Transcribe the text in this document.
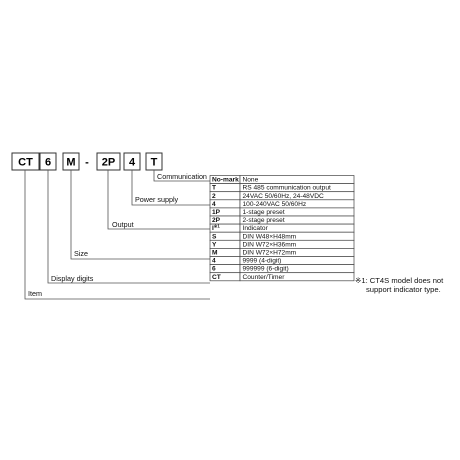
CT 6 M - 2P 4 T
Communication
Power supply
Output
Size
Display digits
Item
No-mark None
T	RS 485 communication output
2	24VAC 50/60Hz, 24-48VDC
4	100-240VAC 50/60Hz
1P	1-stage preset
2P	2-stage preset
$I^{※1}$	Indicator
S	DIN W48×H48mm
Y	DIN W72×H36mm
M	DIN W72×H72mm
4	9999 (4-digit)
6	999999 (6-digit)
CT	Counter/Timer	※1: CT4S model does not
support indicator type.
